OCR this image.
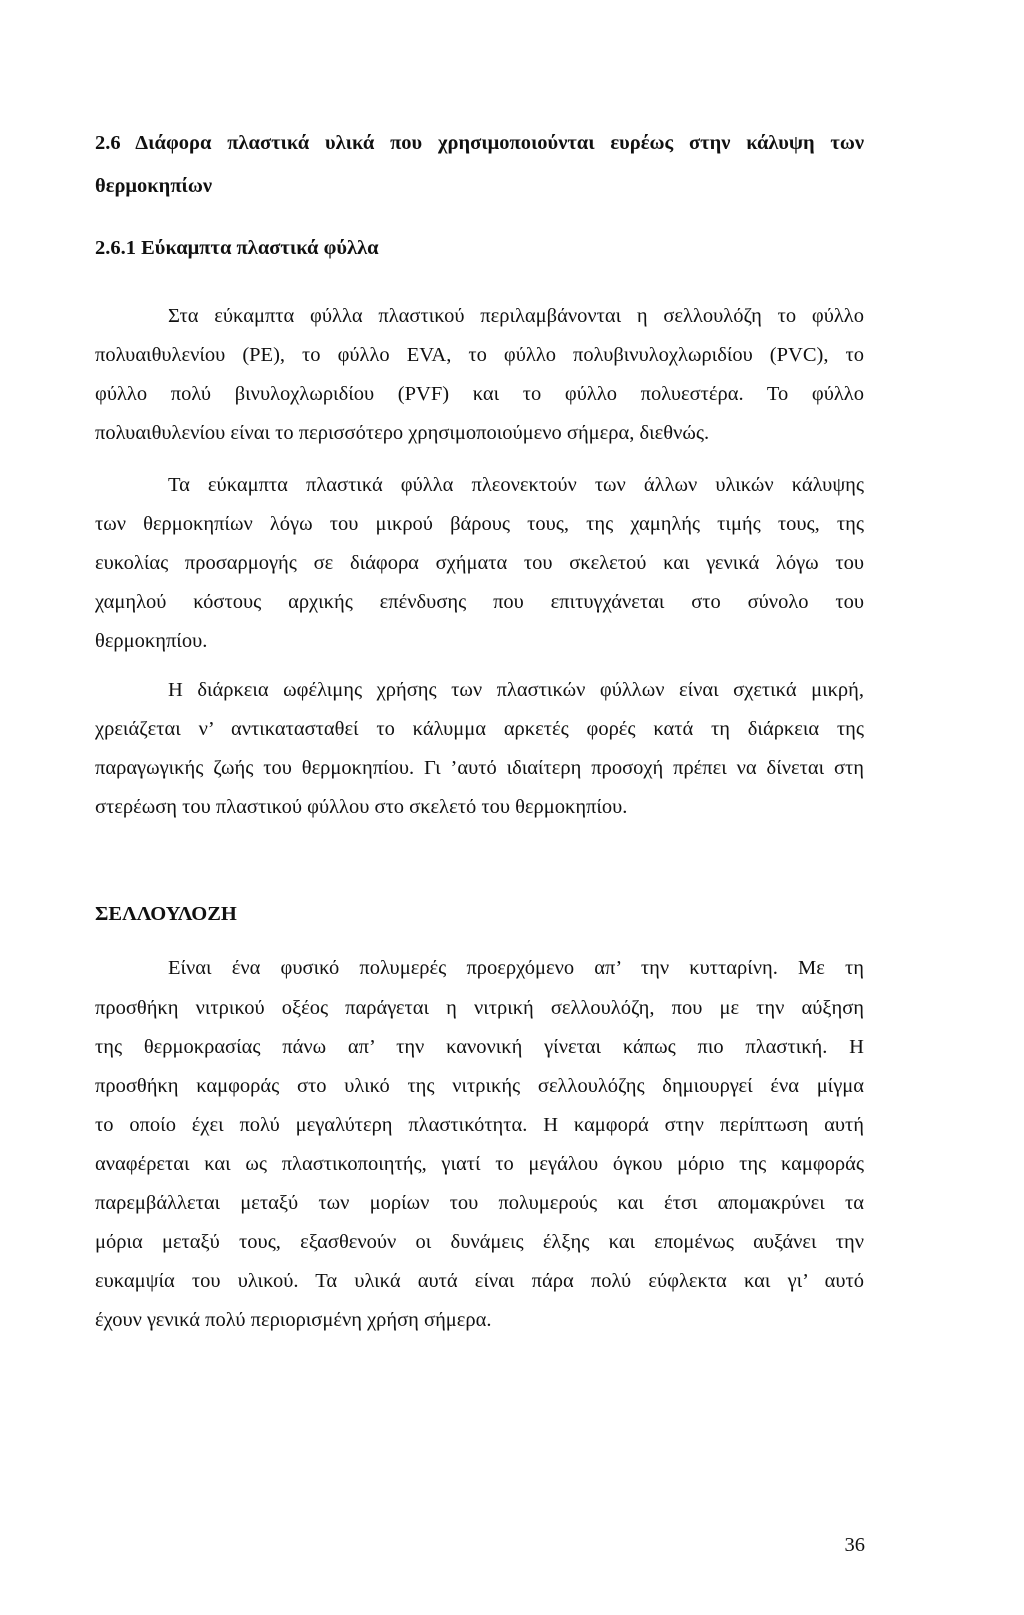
2.6 Διάφορα πλαστικά υλικά που χρησιμοποιούνται ευρέως στην κάλυψη των

θερμοκηπίων

2.6.1 Εύκαμπτα πλαστικά φύλλα

Στα εύκαμπτα φύλλα πλαστικού περιλαμβάνονται η σελλουλόζη το φύλλο

πολυαιθυλενίου (PE), το φύλλο EVA, το φύλλο πολυβινυλοχλωριδίου (PVC), το

φύλλο πολύ βινυλοχλωριδίου (PVF) και το φύλλο πολυεστέρα. Το φύλλο

πολυαιθυλενίου είναι το περισσότερο χρησιμοποιούμενο σήμερα, διεθνώς.

Τα εύκαμπτα πλαστικά φύλλα πλεονεκτούν των άλλων υλικών κάλυψης

των θερμοκηπίων λόγω του μικρού βάρους τους, της χαμηλής τιμής τους, της

ευκολίας προσαρμογής σε διάφορα σχήματα του σκελετού και γενικά λόγω του

χαμηλού κόστους αρχικής επένδυσης που επιτυγχάνεται στο σύνολο του

θερμοκηπίου.

Η διάρκεια ωφέλιμης χρήσης των πλαστικών φύλλων είναι σχετικά μικρή,

χρειάζεται ν’ αντικατασταθεί το κάλυμμα αρκετές φορές κατά τη διάρκεια της

παραγωγικής ζωής του θερμοκηπίου. Γι ’αυτό ιδιαίτερη προσοχή πρέπει να δίνεται στη

στερέωση του πλαστικού φύλλου στο σκελετό του θερμοκηπίου.

ΣΕΛΛΟΥΛΟΖΗ

Είναι ένα φυσικό πολυμερές προερχόμενο απ’ την κυτταρίνη. Με τη

προσθήκη νιτρικού οξέος παράγεται η νιτρική σελλουλόζη, που με την αύξηση

της θερμοκρασίας πάνω απ’ την κανονική γίνεται κάπως πιο πλαστική. Η

προσθήκη καμφοράς στο υλικό της νιτρικής σελλουλόζης δημιουργεί ένα μίγμα

το οποίο έχει πολύ μεγαλύτερη πλαστικότητα. Η καμφορά στην περίπτωση αυτή

αναφέρεται και ως πλαστικοποιητής, γιατί το μεγάλου όγκου μόριο της καμφοράς

παρεμβάλλεται μεταξύ των μορίων του πολυμερούς και έτσι απομακρύνει τα

μόρια μεταξύ τους, εξασθενούν οι δυνάμεις έλξης και επομένως αυξάνει την

ευκαμψία του υλικού. Τα υλικά αυτά είναι πάρα πολύ εύφλεκτα και γι’ αυτό

έχουν γενικά πολύ περιορισμένη χρήση σήμερα.

36
